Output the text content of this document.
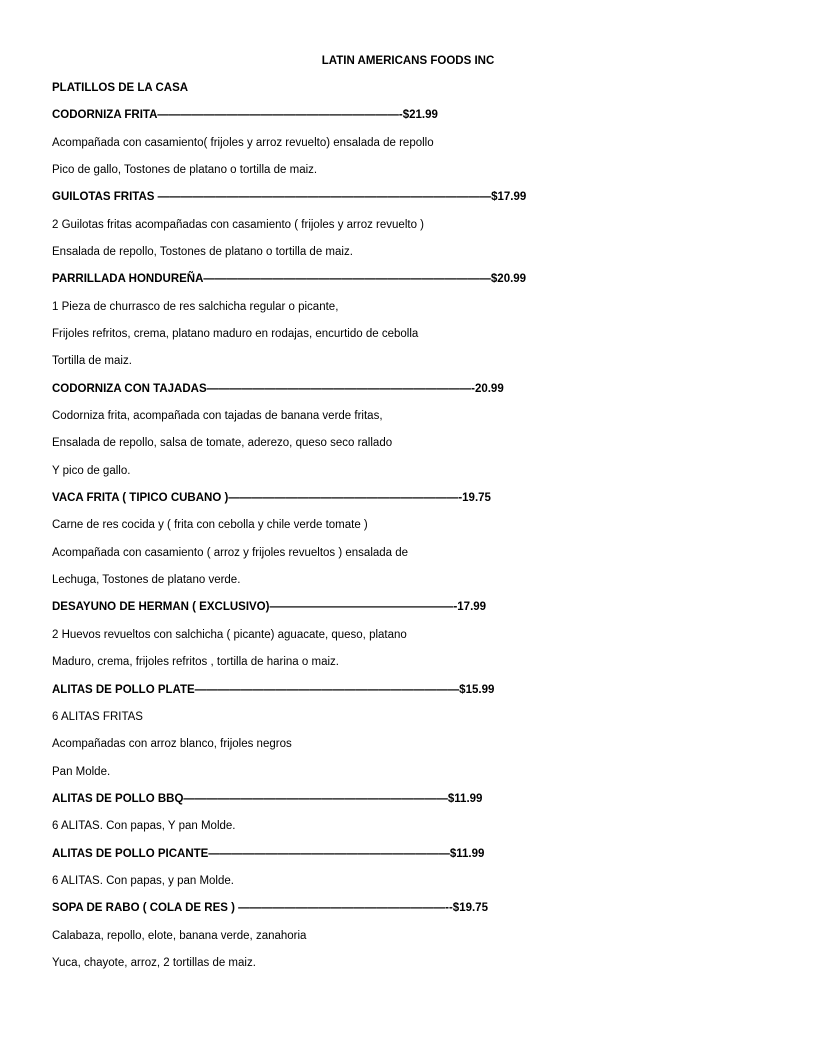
LATIN AMERICANS FOODS INC
PLATILLOS DE LA CASA
CODORNIZA FRITA—————————————————————-$21.99
Acompañada con casamiento( frijoles y arroz revuelto) ensalada de repollo
Pico de gallo, Tostones de platano o tortilla de maiz.
GUILOTAS FRITAS —————————————————————————————$17.99
2 Guilotas fritas acompañadas con casamiento ( frijoles y arroz revuelto )
Ensalada de repollo, Tostones de platano o tortilla de maiz.
PARRILLADA HONDUREÑA—————————————————————————$20.99
1 Pieza de churrasco de res salchicha regular o picante,
Frijoles refritos, crema, platano maduro en rodajas, encurtido de cebolla
Tortilla de maiz.
CODORNIZA CON TAJADAS———————————————————————-20.99
Codorniza frita, acompañada con tajadas de banana verde fritas,
Ensalada de repollo, salsa de tomate, aderezo, queso seco rallado
Y pico de gallo.
VACA FRITA ( TIPICO CUBANO )————————————————————-19.75
Carne de res cocida y ( frita con cebolla y chile verde tomate )
Acompañada con casamiento ( arroz y frijoles revueltos ) ensalada de
Lechuga, Tostones de platano verde.
DESAYUNO DE HERMAN ( EXCLUSIVO)————————————————-17.99
2 Huevos revueltos con salchicha ( picante) aguacate, queso, platano
Maduro, crema, frijoles refritos , tortilla de harina o maiz.
ALITAS DE POLLO PLATE———————————————————————$15.99
6 ALITAS FRITAS
Acompañadas con arroz blanco, frijoles negros
Pan Molde.
ALITAS DE POLLO BBQ———————————————————————$11.99
6 ALITAS. Con papas, Y pan Molde.
ALITAS DE POLLO PICANTE—————————————————————$11.99
6 ALITAS. Con papas, y pan Molde.
SOPA DE RABO ( COLA DE RES ) ——————————————————--$19.75
Calabaza, repollo, elote, banana verde, zanahoria
Yuca, chayote, arroz, 2 tortillas de maiz.
